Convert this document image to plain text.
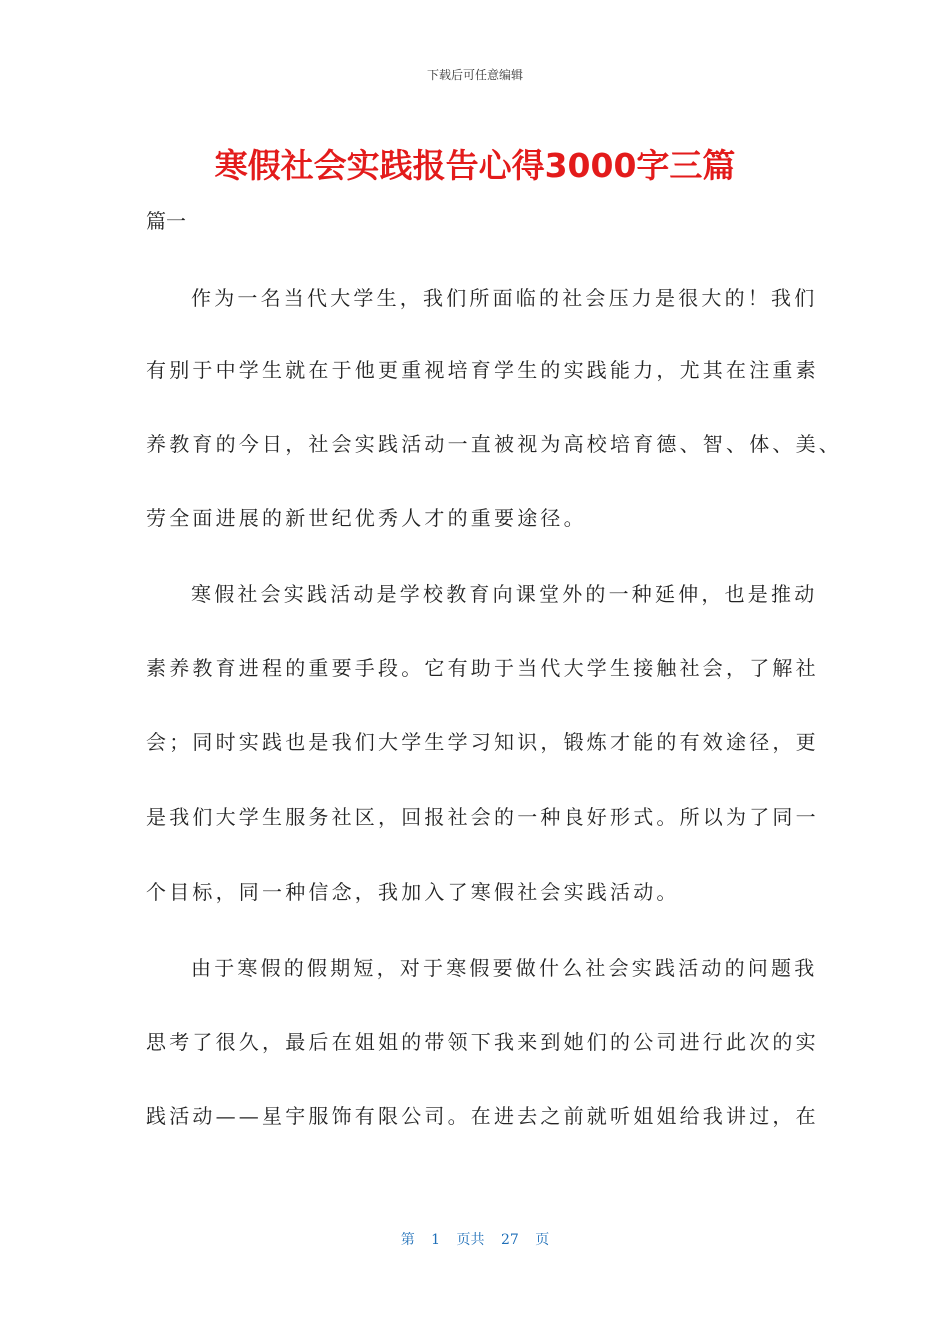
下载后可任意编辑
寒假社会实践报告心得3000字三篇
篇一
作为一名当代大学生，我们所面临的社会压力是很大的！我们
有别于中学生就在于他更重视培育学生的实践能力，尤其在注重素
养教育的今日，社会实践活动一直被视为高校培育德、智、体、美、
劳全面进展的新世纪优秀人才的重要途径。
寒假社会实践活动是学校教育向课堂外的一种延伸，也是推动
素养教育进程的重要手段。它有助于当代大学生接触社会，了解社
会；同时实践也是我们大学生学习知识，锻炼才能的有效途径，更
是我们大学生服务社区，回报社会的一种良好形式。所以为了同一
个目标，同一种信念，我加入了寒假社会实践活动。
由于寒假的假期短，对于寒假要做什么社会实践活动的问题我
思考了很久，最后在姐姐的带领下我来到她们的公司进行此次的实
践活动——星宇服饰有限公司。在进去之前就听姐姐给我讲过，在
第 1 页共 27 页
